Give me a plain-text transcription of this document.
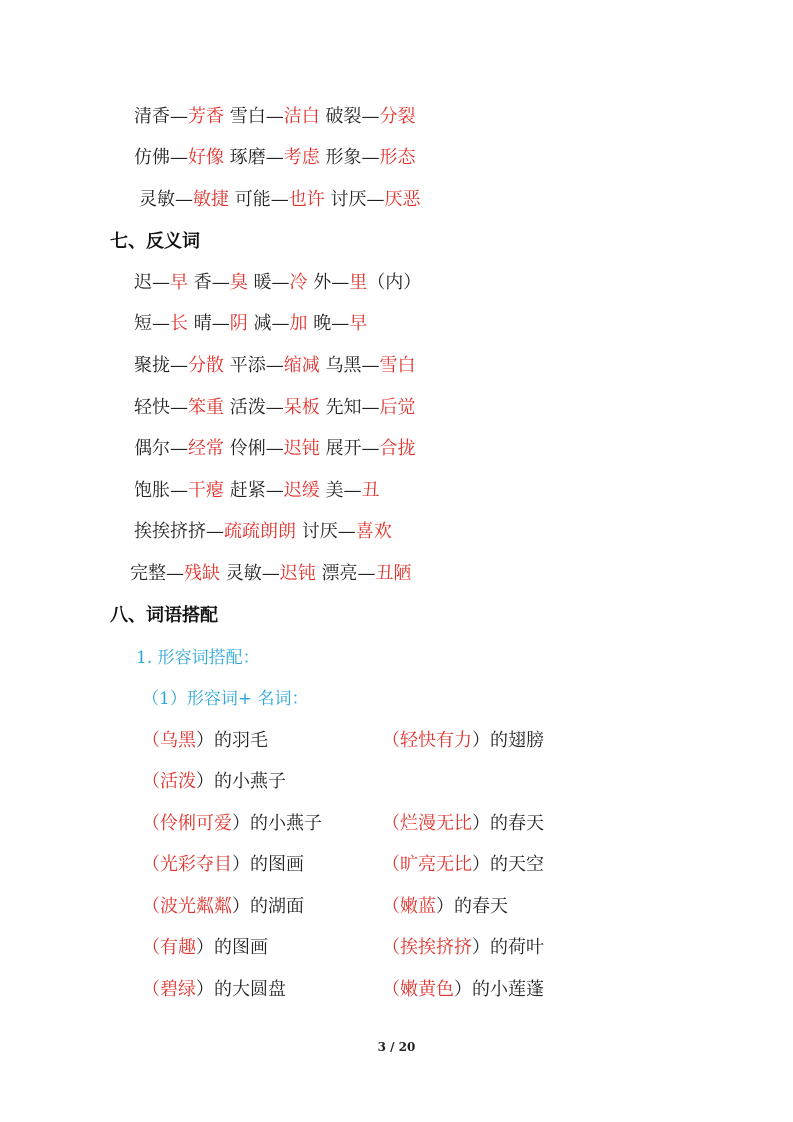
清香—芳香 雪白—洁白 破裂—分裂
仿佛—好像 琢磨—考虑 形象—形态
灵敏—敏捷 可能—也许 讨厌—厌恶
七、反义词
迟—早 香—臭 暖—冷 外—里（内）
短—长 晴—阴 减—加 晚—早
聚拢—分散 平添—缩减 乌黑—雪白
轻快—笨重 活泼—呆板 先知—后觉
偶尔—经常 伶俐—迟钝 展开—合拢
饱胀—干瘪 赶紧—迟缓 美—丑
挨挨挤挤—疏疏朗朗 讨厌—喜欢
完整—残缺 灵敏—迟钝 漂亮—丑陋
八、词语搭配
1. 形容词搭配：
（1）形容词+ 名词：
（乌黑）的羽毛	（轻快有力）的翅膀
（活泼）的小燕子
（伶俐可爱）的小燕子	（烂漫无比）的春天
（光彩夺目）的图画	（旷亮无比）的天空
（波光粼粼）的湖面	（嫩蓝）的春天
（有趣）的图画	（挨挨挤挤）的荷叶
（碧绿）的大圆盘	（嫩黄色）的小莲蓬
3 / 20
